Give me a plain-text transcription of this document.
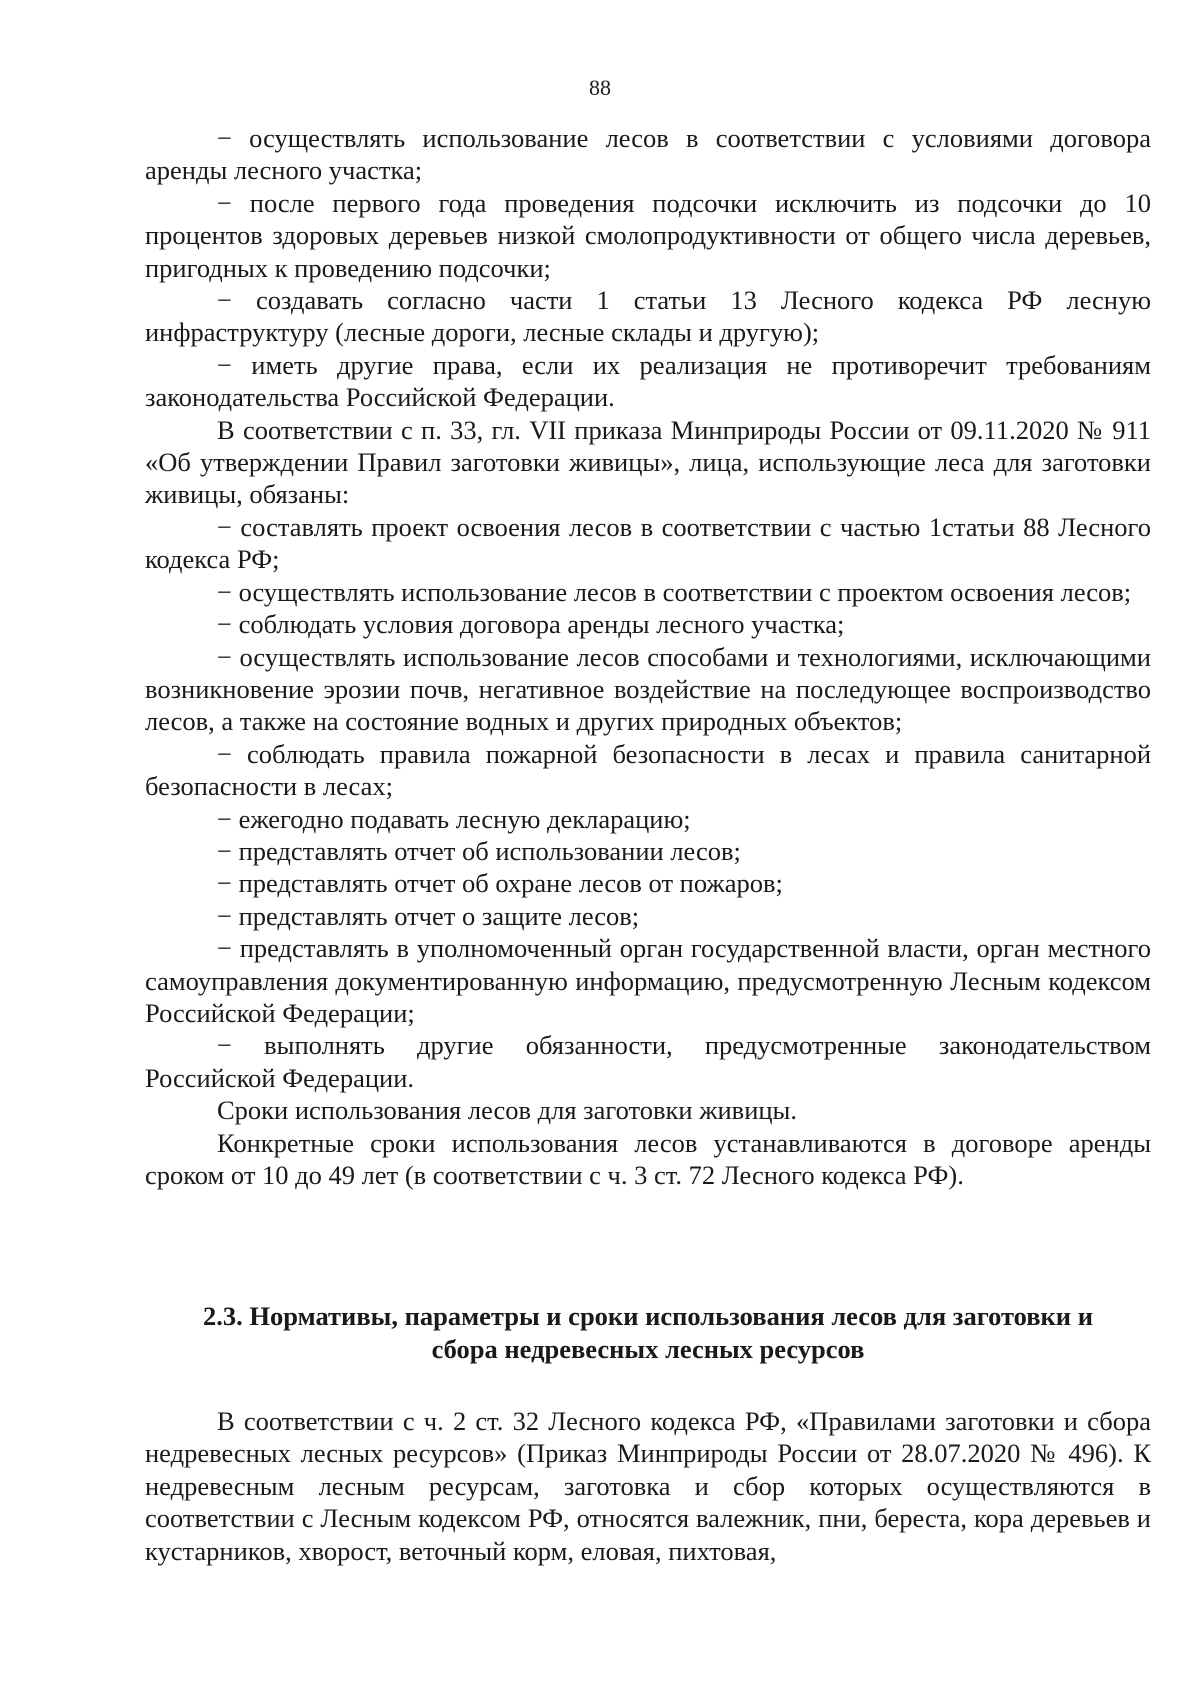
88

− осуществлять использование лесов в соответствии с условиями договора аренды лесного участка;

− после первого года проведения подсочки исключить из подсочки до 10 процентов здоровых деревьев низкой смолопродуктивности от общего числа деревьев, пригодных к проведению подсочки;

− создавать согласно части 1 статьи 13 Лесного кодекса РФ лесную инфраструктуру (лесные дороги, лесные склады и другую);

− иметь другие права, если их реализация не противоречит требованиям законодательства Российской Федерации.

В соответствии с п. 33, гл. VII приказа Минприроды России от 09.11.2020 № 911 «Об утверждении Правил заготовки живицы», лица, использующие леса для заготовки живицы, обязаны:

− составлять проект освоения лесов в соответствии с частью 1статьи 88 Лесного кодекса РФ;

− осуществлять использование лесов в соответствии с проектом освоения лесов;

− соблюдать условия договора аренды лесного участка;

− осуществлять использование лесов способами и технологиями, исключающими возникновение эрозии почв, негативное воздействие на последующее воспроизводство лесов, а также на состояние водных и других природных объектов;

− соблюдать правила пожарной безопасности в лесах и правила санитарной безопасности в лесах;

− ежегодно подавать лесную декларацию;

− представлять отчет об использовании лесов;

− представлять отчет об охране лесов от пожаров;

− представлять отчет о защите лесов;

− представлять в уполномоченный орган государственной власти, орган местного самоуправления документированную информацию, предусмотренную Лесным кодексом Российской Федерации;

− выполнять другие обязанности, предусмотренные законодательством Российской Федерации.

Сроки использования лесов для заготовки живицы.

Конкретные сроки использования лесов устанавливаются в договоре аренды сроком от 10 до 49 лет (в соответствии с ч. 3 ст. 72 Лесного кодекса РФ).

2.3. Нормативы, параметры и сроки использования лесов для заготовки и
сбора недревесных лесных ресурсов

В соответствии с ч. 2 ст. 32 Лесного кодекса РФ, «Правилами заготовки и сбора недревесных лесных ресурсов» (Приказ Минприроды России от 28.07.2020 № 496). К недревесным лесным ресурсам, заготовка и сбор которых осуществляются в соответствии с Лесным кодексом РФ, относятся валежник, пни, береста, кора деревьев и кустарников, хворост, веточный корм, еловая, пихтовая,
